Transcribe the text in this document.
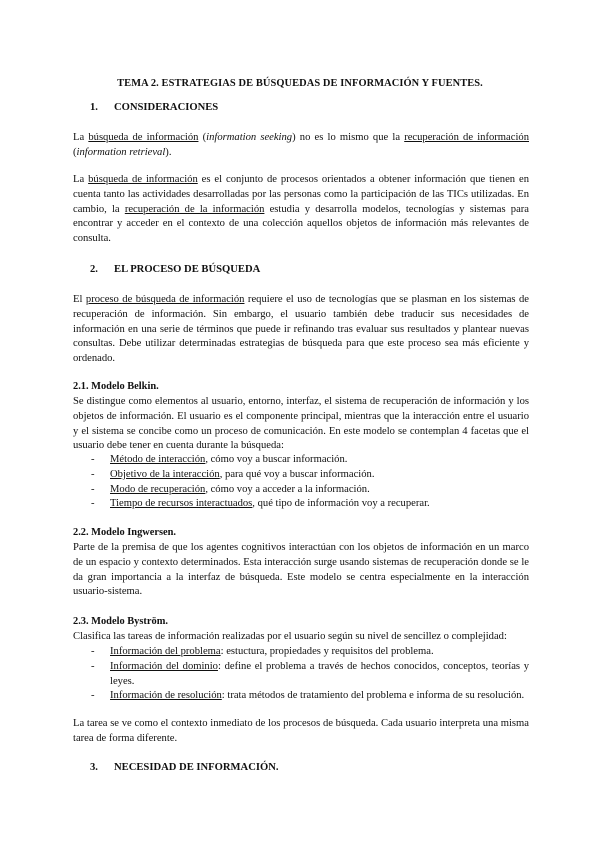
TEMA 2. ESTRATEGIAS DE BÚSQUEDAS DE INFORMACIÓN Y FUENTES.
1. CONSIDERACIONES
La búsqueda de información (information seeking) no es lo mismo que la recuperación de información (information retrieval).
La búsqueda de información es el conjunto de procesos orientados a obtener información que tienen en cuenta tanto las actividades desarrolladas por las personas como la participación de las TICs utilizadas. En cambio, la recuperación de la información estudia y desarrolla modelos, tecnologías y sistemas para encontrar y acceder en el contexto de una colección aquellos objetos de información más relevantes de consulta.
2. EL PROCESO DE BÚSQUEDA
El proceso de búsqueda de información requiere el uso de tecnologías que se plasman en los sistemas de recuperación de información. Sin embargo, el usuario también debe traducir sus necesidades de información en una serie de términos que puede ir refinando tras evaluar sus resultados y plantear nuevas consultas. Debe utilizar determinadas estrategias de búsqueda para que este proceso sea más eficiente y ordenado.
2.1. Modelo Belkin.
Se distingue como elementos al usuario, entorno, interfaz, el sistema de recuperación de información y los objetos de información. El usuario es el componente principal, mientras que la interacción entre el usuario y el sistema se concibe como un proceso de comunicación. En este modelo se contemplan 4 facetas que el usuario debe tener en cuenta durante la búsqueda:
- Método de interacción, cómo voy a buscar información.
- Objetivo de la interacción, para qué voy a buscar información.
- Modo de recuperación, cómo voy a acceder a la información.
- Tiempo de recursos interactuados, qué tipo de información voy a recuperar.
2.2. Modelo Ingwersen.
Parte de la premisa de que los agentes cognitivos interactúan con los objetos de información en un marco de un espacio y contexto determinados. Esta interacción surge usando sistemas de recuperación donde se le da gran importancia a la interfaz de búsqueda. Este modelo se centra especialmente en la interacción usuario-sistema.
2.3. Modelo Byström.
Clasifica las tareas de información realizadas por el usuario según su nivel de sencillez o complejidad:
- Información del problema: estuctura, propiedades y requisitos del problema.
- Información del dominio: define el problema a través de hechos conocidos, conceptos, teorías y leyes.
- Información de resolución: trata métodos de tratamiento del problema e informa de su resolución.
La tarea se ve como el contexto inmediato de los procesos de búsqueda. Cada usuario interpreta una misma tarea de forma diferente.
3. NECESIDAD DE INFORMACIÓN.
